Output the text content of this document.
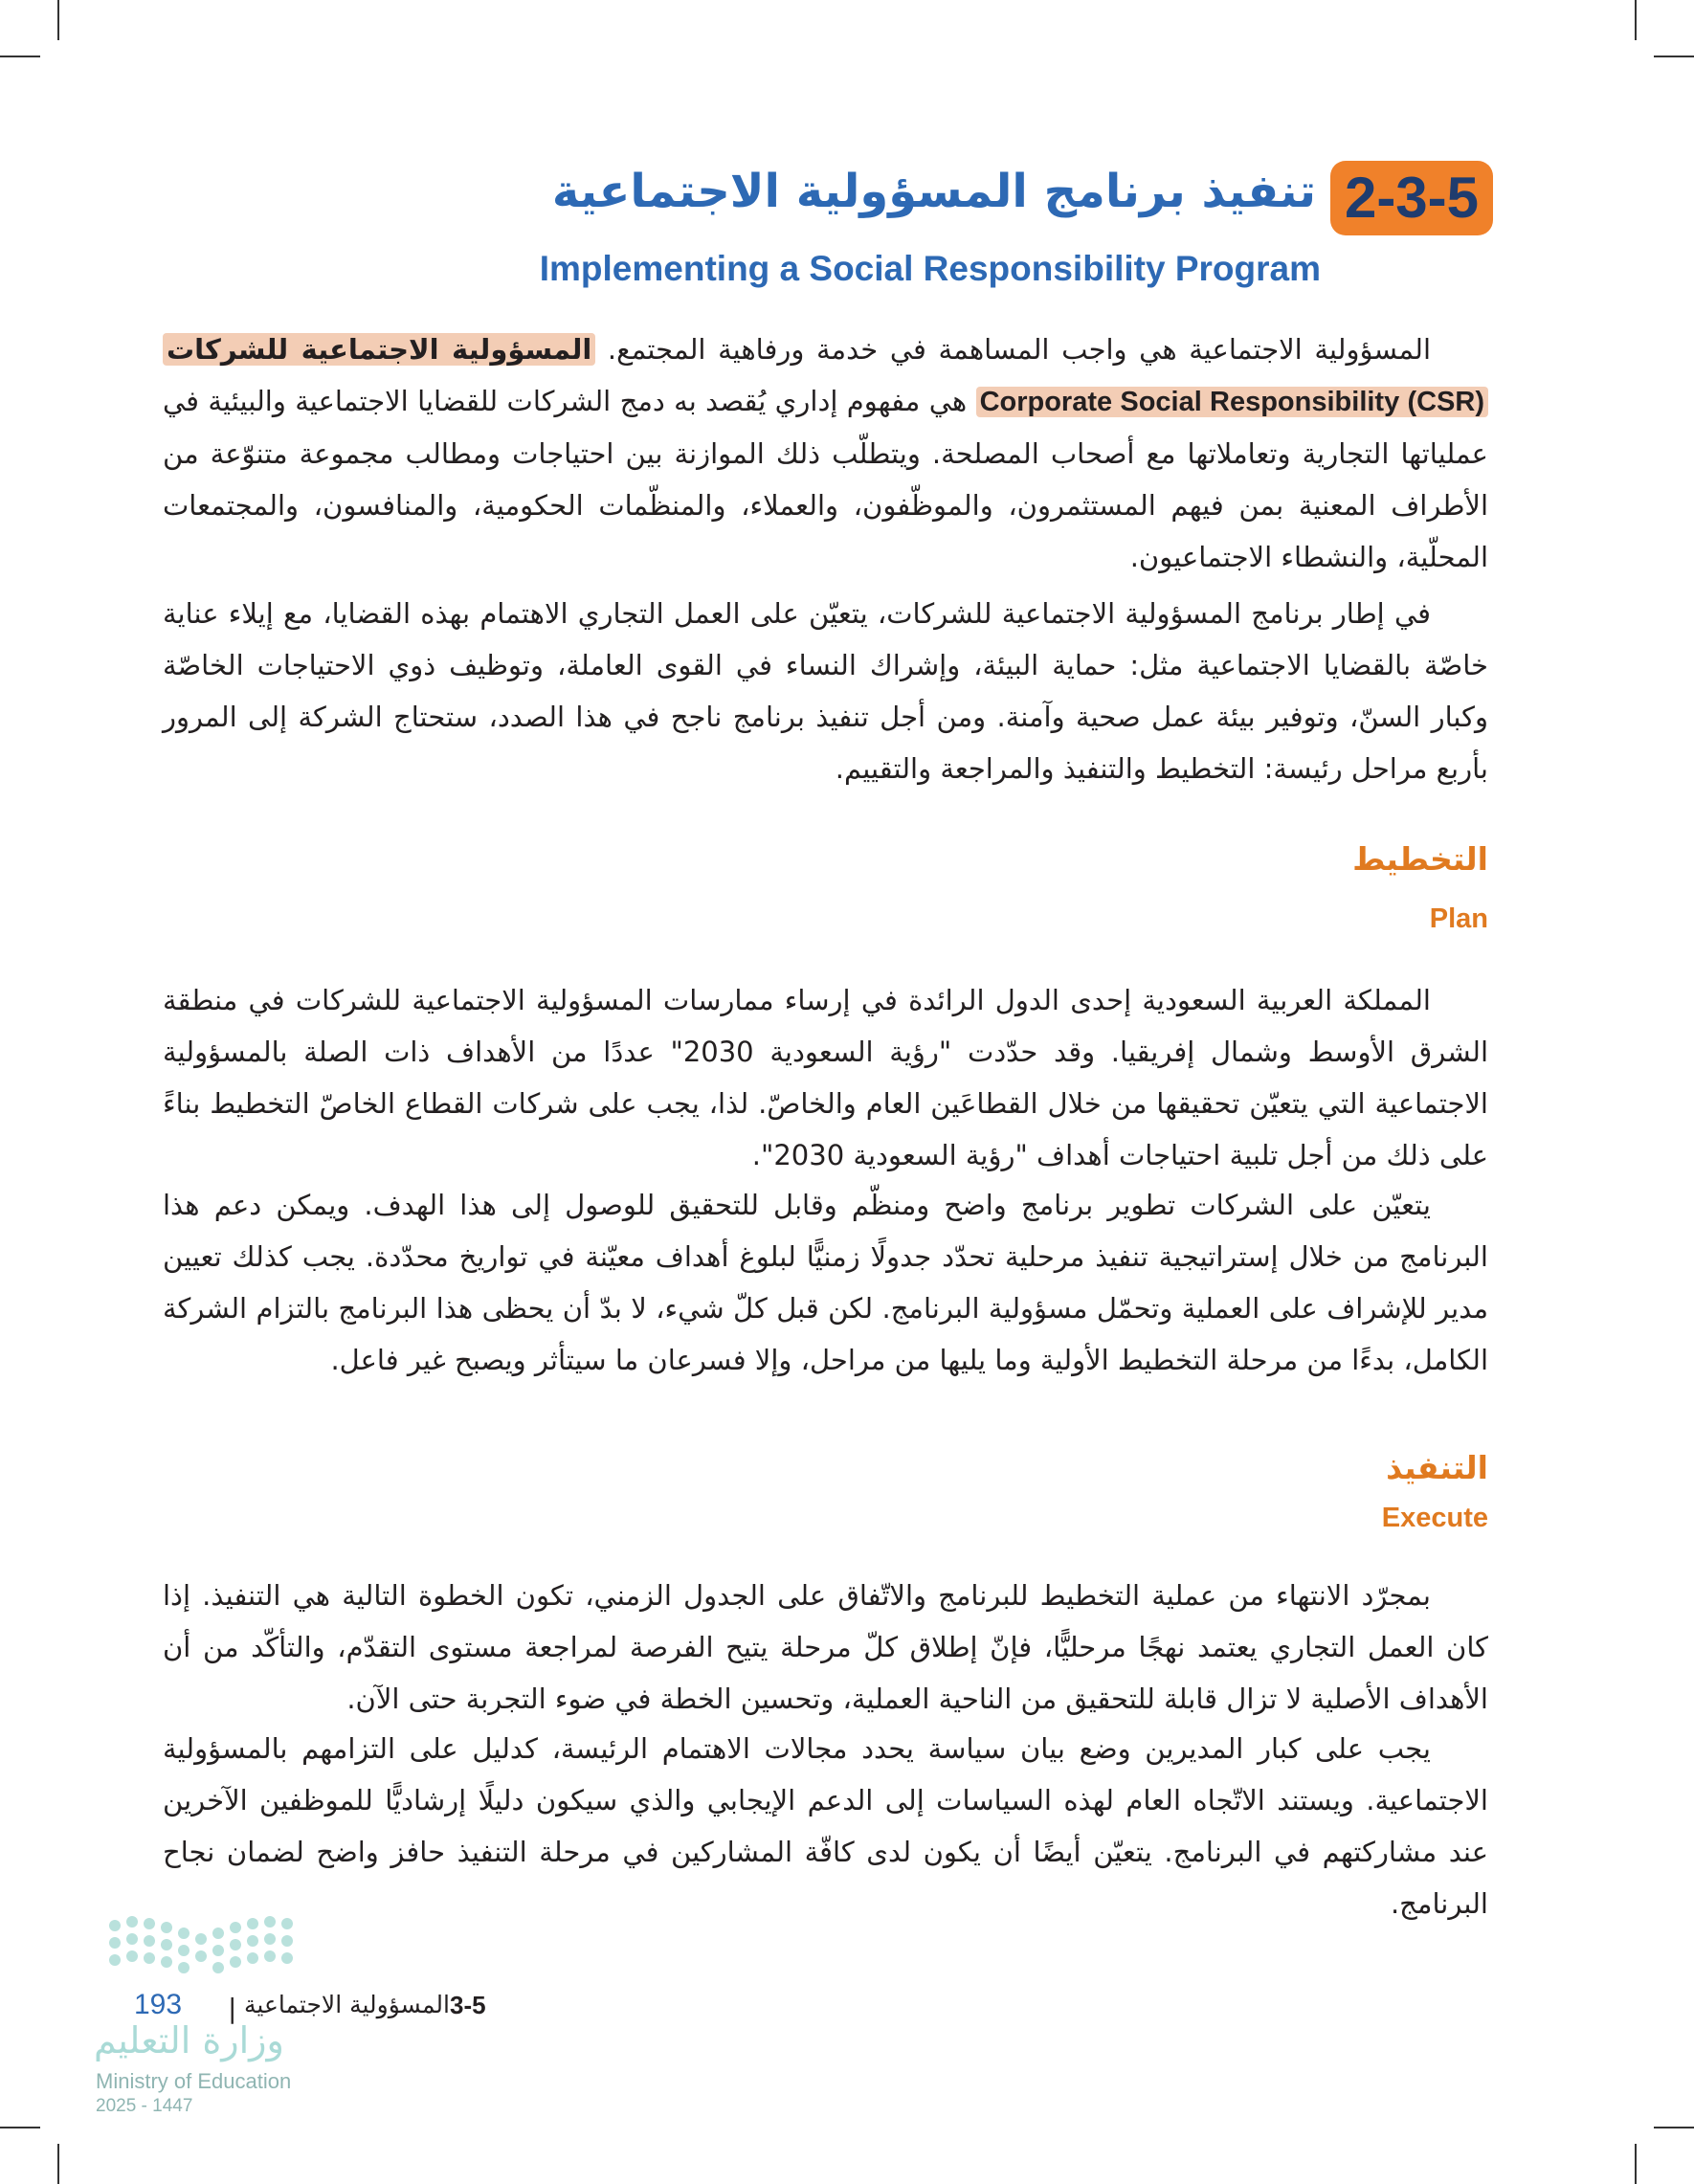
2-3-5
تنفيذ برنامج المسؤولية الاجتماعية
Implementing a Social Responsibility Program

المسؤولية الاجتماعية هي واجب المساهمة في خدمة ورفاهية المجتمع. المسؤولية الاجتماعية للشركات Corporate Social Responsibility (CSR) هي مفهوم إداري يُقصد به دمج الشركات للقضايا الاجتماعية والبيئية في عملياتها التجارية وتعاملاتها مع أصحاب المصلحة. ويتطلّب ذلك الموازنة بين احتياجات ومطالب مجموعة متنوّعة من الأطراف المعنية بمن فيهم المستثمرون، والموظّفون، والعملاء، والمنظّمات الحكومية، والمنافسون، والمجتمعات المحلّية، والنشطاء الاجتماعيون.

في إطار برنامج المسؤولية الاجتماعية للشركات، يتعيّن على العمل التجاري الاهتمام بهذه القضايا، مع إيلاء عناية خاصّة بالقضايا الاجتماعية مثل: حماية البيئة، وإشراك النساء في القوى العاملة، وتوظيف ذوي الاحتياجات الخاصّة وكبار السنّ، وتوفير بيئة عمل صحية وآمنة. ومن أجل تنفيذ برنامج ناجح في هذا الصدد، ستحتاج الشركة إلى المرور بأربع مراحل رئيسة: التخطيط والتنفيذ والمراجعة والتقييم.

التخطيط
Plan

المملكة العربية السعودية إحدى الدول الرائدة في إرساء ممارسات المسؤولية الاجتماعية للشركات في منطقة الشرق الأوسط وشمال إفريقيا. وقد حدّدت "رؤية السعودية 2030" عددًا من الأهداف ذات الصلة بالمسؤولية الاجتماعية التي يتعيّن تحقيقها من خلال القطاعَين العام والخاصّ. لذا، يجب على شركات القطاع الخاصّ التخطيط بناءً على ذلك من أجل تلبية احتياجات أهداف "رؤية السعودية 2030".

يتعيّن على الشركات تطوير برنامج واضح ومنظّم وقابل للتحقيق للوصول إلى هذا الهدف. ويمكن دعم هذا البرنامج من خلال إستراتيجية تنفيذ مرحلية تحدّد جدولًا زمنيًّا لبلوغ أهداف معيّنة في تواريخ محدّدة. يجب كذلك تعيين مدير للإشراف على العملية وتحمّل مسؤولية البرنامج. لكن قبل كلّ شيء، لا بدّ أن يحظى هذا البرنامج بالتزام الشركة الكامل، بدءًا من مرحلة التخطيط الأولية وما يليها من مراحل، وإلا فسرعان ما سيتأثر ويصبح غير فاعل.

التنفيذ
Execute

بمجرّد الانتهاء من عملية التخطيط للبرنامج والاتّفاق على الجدول الزمني، تكون الخطوة التالية هي التنفيذ. إذا كان العمل التجاري يعتمد نهجًا مرحليًّا، فإنّ إطلاق كلّ مرحلة يتيح الفرصة لمراجعة مستوى التقدّم، والتأكّد من أن الأهداف الأصلية لا تزال قابلة للتحقيق من الناحية العملية، وتحسين الخطة في ضوء التجربة حتى الآن.

يجب على كبار المديرين وضع بيان سياسة يحدد مجالات الاهتمام الرئيسة، كدليل على التزامهم بالمسؤولية الاجتماعية. ويستند الاتّجاه العام لهذه السياسات إلى الدعم الإيجابي والذي سيكون دليلًا إرشاديًّا للموظفين الآخرين عند مشاركتهم في البرنامج. يتعيّن أيضًا أن يكون لدى كافّة المشاركين في مرحلة التنفيذ حافز واضح لضمان نجاح البرنامج.

193 | المسؤولية الاجتماعية 3-5
وزارة التعليم
Ministry of Education
2025 - 1447
